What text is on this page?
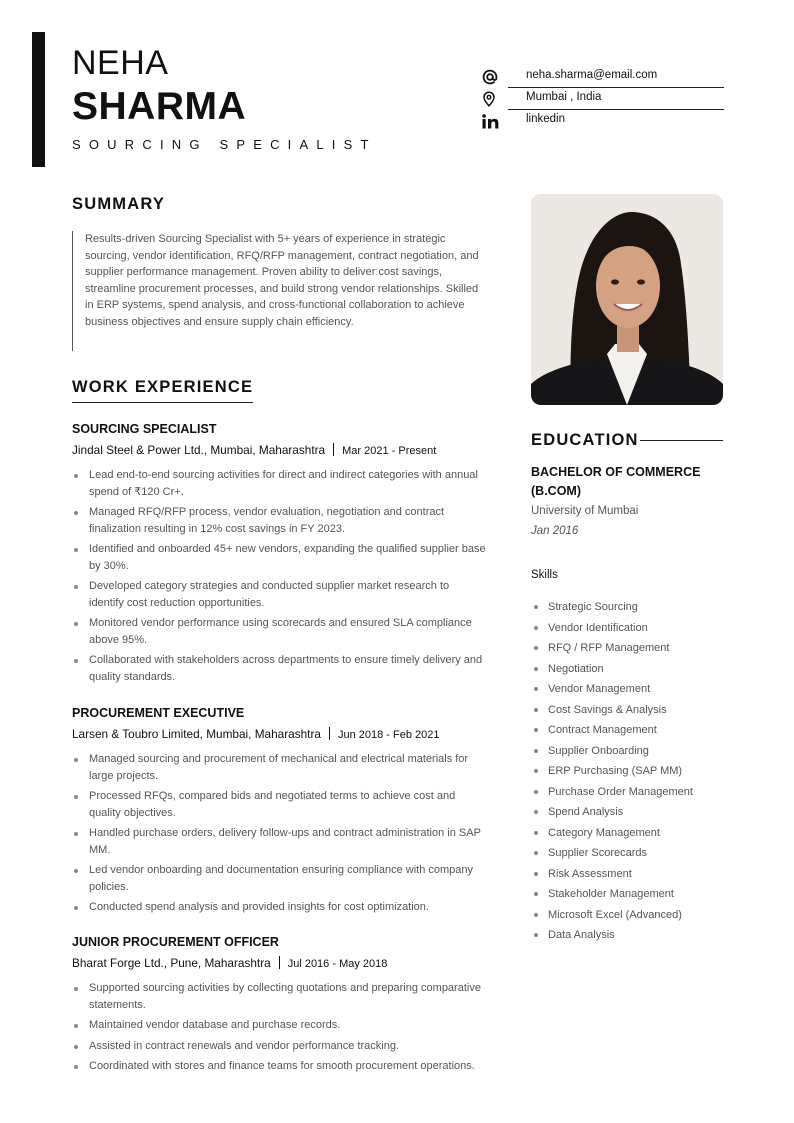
NEHA
SHARMA
SOURCING SPECIALIST
neha.sharma@email.com
Mumbai , India
linkedin
SUMMARY

Results-driven Sourcing Specialist with 5+ years of experience in strategic sourcing, vendor identification, RFQ/RFP management, contract negotiation, and supplier performance management. Proven ability to deliver cost savings, streamline procurement processes, and build strong vendor relationships. Skilled in ERP systems, spend analysis, and cross-functional collaboration to achieve business objectives and ensure supply chain efficiency.

WORK EXPERIENCE
SOURCING SPECIALIST
Jindal Steel & Power Ltd., Mumbai, Maharashtra Mar 2021 - Present
Lead end-to-end sourcing activities for direct and indirect categories with annual spend of ₹120 Cr+.
Managed RFQ/RFP process, vendor evaluation, negotiation and contract finalization resulting in 12% cost savings in FY 2023.
Identified and onboarded 45+ new vendors, expanding the qualified supplier base by 30%.
Developed category strategies and conducted supplier market research to identify cost reduction opportunities.
Monitored vendor performance using scorecards and ensured SLA compliance above 95%.
Collaborated with stakeholders across departments to ensure timely delivery and quality standards.
PROCUREMENT EXECUTIVE
Larsen & Toubro Limited, Mumbai, Maharashtra Jun 2018 - Feb 2021
Managed sourcing and procurement of mechanical and electrical materials for large projects.
Processed RFQs, compared bids and negotiated terms to achieve cost and quality objectives.
Handled purchase orders, delivery follow-ups and contract administration in SAP MM.
Led vendor onboarding and documentation ensuring compliance with company policies.
Conducted spend analysis and provided insights for cost optimization.
JUNIOR PROCUREMENT OFFICER
Bharat Forge Ltd., Pune, Maharashtra Jul 2016 - May 2018
Supported sourcing activities by collecting quotations and preparing comparative statements.
Maintained vendor database and purchase records.
Assisted in contract renewals and vendor performance tracking.
Coordinated with stores and finance teams for smooth procurement operations.
EDUCATION
BACHELOR OF COMMERCE (B.COM)
University of Mumbai
Jan 2016
Skills
Strategic Sourcing
Vendor Identification
RFQ / RFP Management
Negotiation
Vendor Management
Cost Savings & Analysis
Contract Management
Supplier Onboarding
ERP Purchasing (SAP MM)
Purchase Order Management
Spend Analysis
Category Management
Supplier Scorecards
Risk Assessment
Stakeholder Management
Microsoft Excel (Advanced)
Data Analysis
